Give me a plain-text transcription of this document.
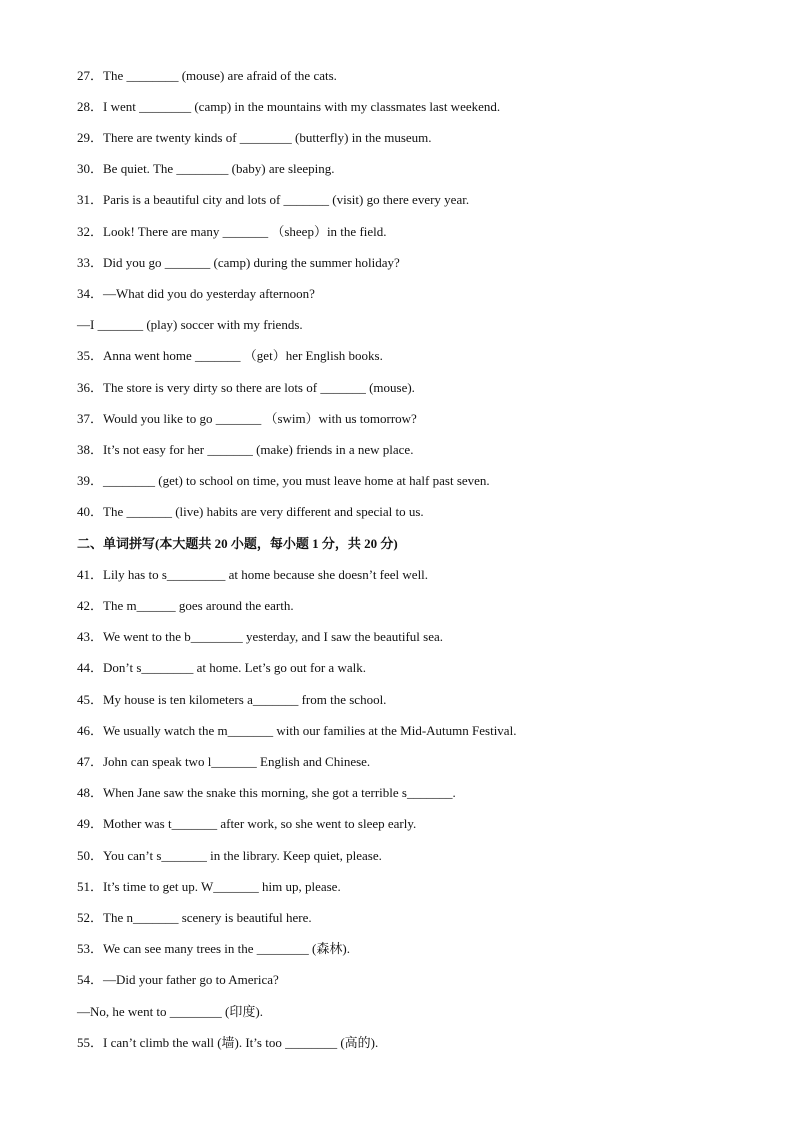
27．The ________ (mouse) are afraid of the cats.
28．I went ________ (camp) in the mountains with my classmates last weekend.
29．There are twenty kinds of ________ (butterfly) in the museum.
30．Be quiet. The ________ (baby) are sleeping.
31．Paris is a beautiful city and lots of _______ (visit) go there every year.
32．Look! There are many _______ （sheep）in the field.
33．Did you go _______ (camp) during the summer holiday?
34．—What did you do yesterday afternoon?
—I _______ (play) soccer with my friends.
35．Anna went home _______ （get）her English books.
36．The store is very dirty so there are lots of _______ (mouse).
37．Would you like to go _______ （swim）with us tomorrow?
38．It’s not easy for her _______ (make) friends in a new place.
39．________ (get) to school on time, you must leave home at half past seven.
40．The _______ (live) habits are very different and special to us.
二、单词拼写(本大题共 20 小题，每小题 1 分，共 20 分)
41．Lily has to s_________ at home because she doesn’t feel well.
42．The m______ goes around the earth.
43．We went to the b________ yesterday, and I saw the beautiful sea.
44．Don’t s________ at home. Let’s go out for a walk.
45．My house is ten kilometers a_______ from the school.
46．We usually watch the m_______ with our families at the Mid-Autumn Festival.
47．John can speak two l_______ English and Chinese.
48．When Jane saw the snake this morning, she got a terrible s_______.
49．Mother was t_______ after work, so she went to sleep early.
50．You can’t s_______ in the library. Keep quiet, please.
51．It’s time to get up. W_______ him up, please.
52．The n_______ scenery is beautiful here.
53．We can see many trees in the ________ (森林).
54．—Did your father go to America?
—No, he went to ________ (印度).
55．I can’t climb the wall (墙). It’s too ________ (高的).
